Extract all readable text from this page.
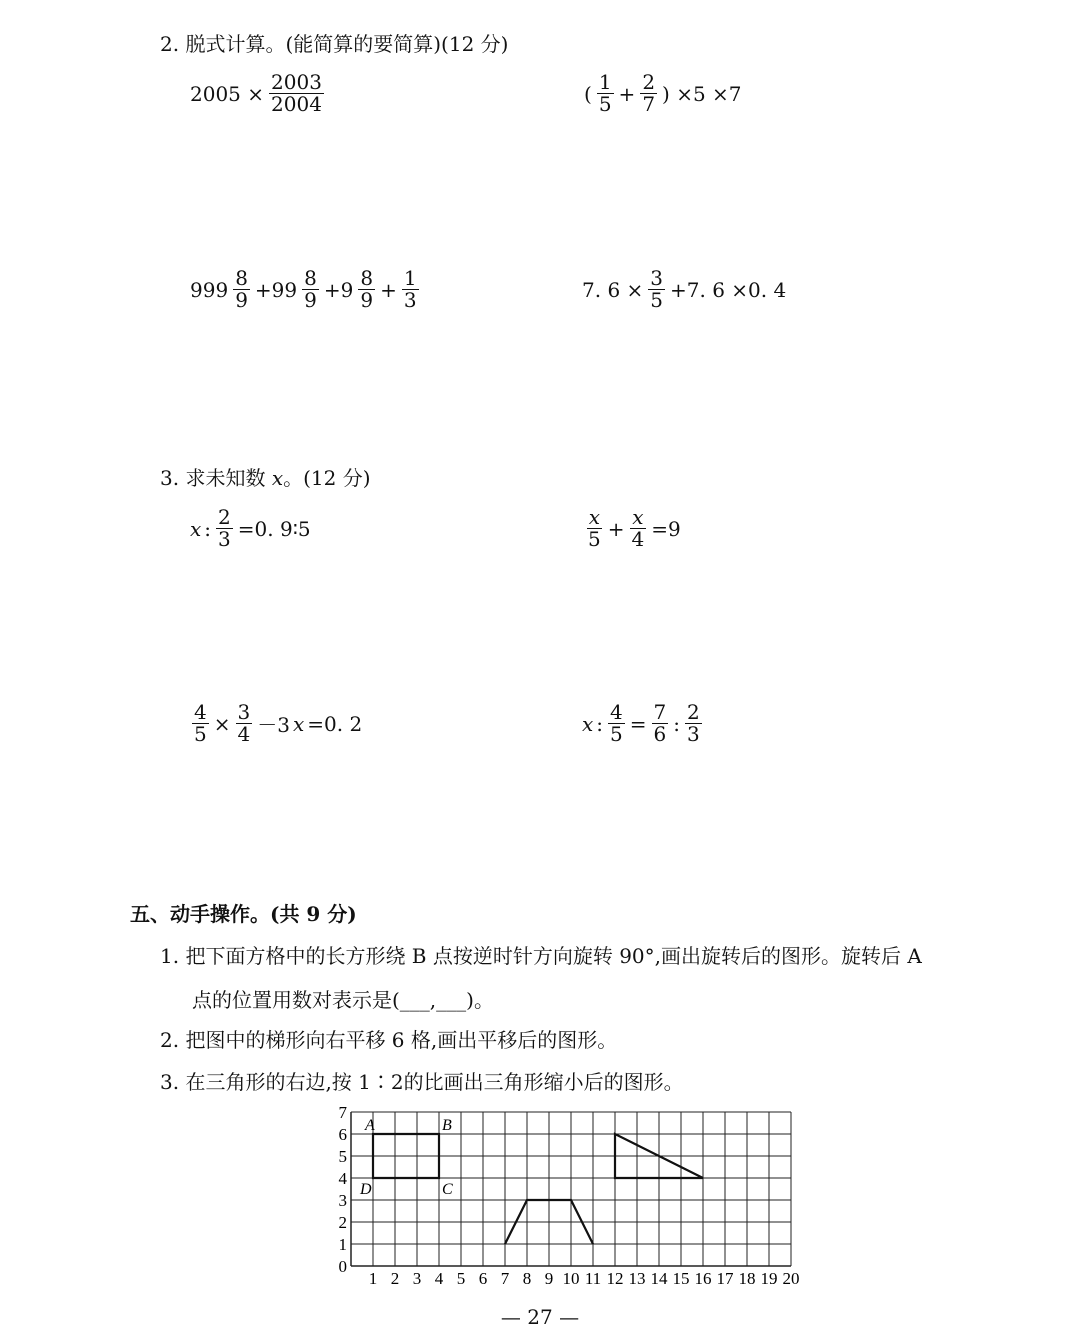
2. 脱式计算。(能简算的要简算)(12 分)
$2005 \times \frac{2003}{2004}$	( $\frac{1}{5} + \frac{2}{7}$ ) ×5 ×7
$999 \frac{8}{9} +99 \frac{8}{9} +9 \frac{8}{9} + \frac{1}{3}$	7. $6 \times \frac{3}{5} +7$. 6 ×0. 4
3. 求未知数 x。(12 分)
x : $\frac{2}{3} =0$. 9∶5	$\frac{x}{5} + \frac{x}{4} =9$
$\frac{4}{5} \times \frac{3}{4} -3$ x =0. 2	x : $\frac{4}{5} = \frac{7}{6}$ : $\frac{2}{3}$
五、动手操作。(共 9 分)
1. 把下面方格中的长方形绕 B 点按逆时针方向旋转 90°,画出旋转后的图形。旋转后 A
点的位置用数对表示是(___,___)。
2. 把图中的梯形向右平移 6 格,画出平移后的图形。
3. 在三角形的右边,按 1∶2的比画出三角形缩小后的图形。
1 2 3 4 5 6 7 8 9 10 11 12 13 14 15 16 17 18 19 20
0
1
2
3
4
5
6
7
A	B
C
D
— 27 —
